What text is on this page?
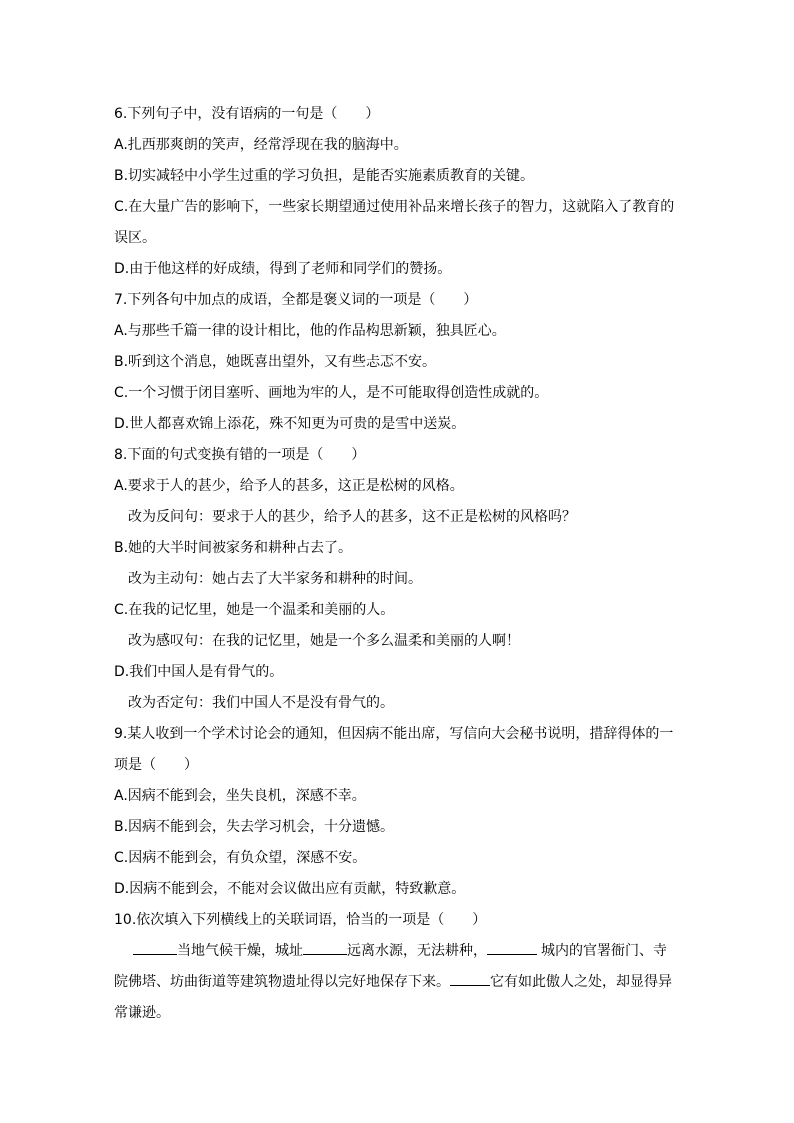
6.下列句子中，没有语病的一句是（　　）
A.扎西那爽朗的笑声，经常浮现在我的脑海中。
B.切实减轻中小学生过重的学习负担，是能否实施素质教育的关键。
C.在大量广告的影响下，一些家长期望通过使用补品来增长孩子的智力，这就陷入了教育的
误区。
D.由于他这样的好成绩，得到了老师和同学们的赞扬。
7.下列各句中加点的成语，全都是褒义词的一项是（　　）
A.与那些千篇一律的设计相比，他的作品构思新颖，独具匠心。
B.听到这个消息，她既喜出望外，又有些忐忑不安。
C.一个习惯于闭目塞听、画地为牢的人，是不可能取得创造性成就的。
D.世人都喜欢锦上添花，殊不知更为可贵的是雪中送炭。
8.下面的句式变换有错的一项是（　　）
A.要求于人的甚少，给予人的甚多，这正是松树的风格。
改为反问句：要求于人的甚少，给予人的甚多，这不正是松树的风格吗？
B.她的大半时间被家务和耕种占去了。
改为主动句：她占去了大半家务和耕种的时间。
C.在我的记忆里，她是一个温柔和美丽的人。
改为感叹句：在我的记忆里，她是一个多么温柔和美丽的人啊！
D.我们中国人是有骨气的。
改为否定句：我们中国人不是没有骨气的。
9.某人收到一个学术讨论会的通知，但因病不能出席，写信向大会秘书说明，措辞得体的一
项是（　　）
A.因病不能到会，坐失良机，深感不幸。
B.因病不能到会，失去学习机会，十分遗憾。
C.因病不能到会，有负众望，深感不安。
D.因病不能到会，不能对会议做出应有贡献，特致歉意。
10.依次填入下列横线上的关联词语，恰当的一项是（　　）
当地气候干燥，城址	远离水源，无法耕种，	城内的官署衙门、寺
院佛塔、坊曲街道等建筑物遗址得以完好地保存下来。	它有如此傲人之处，却显得异
常谦逊。
